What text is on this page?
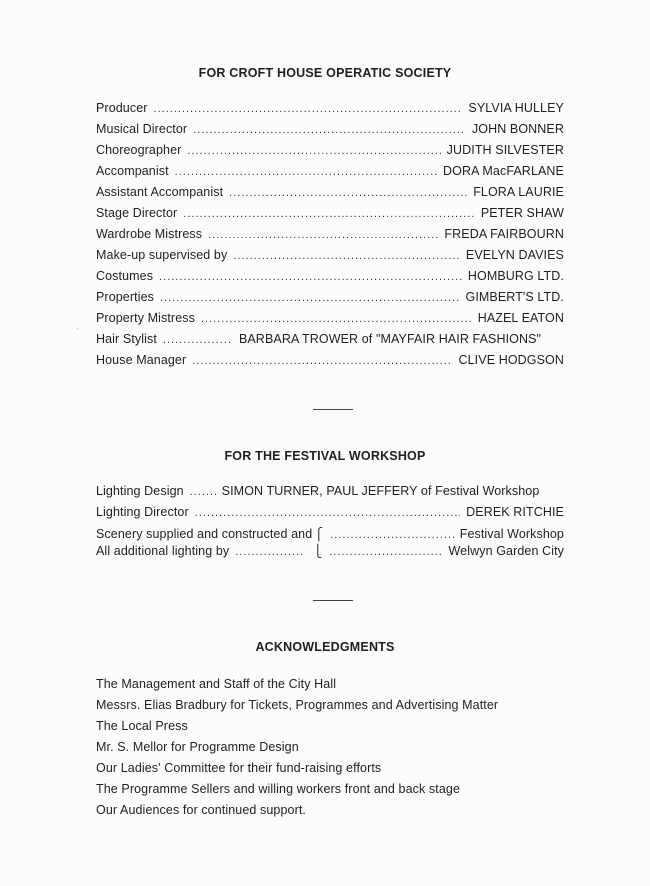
FOR CROFT HOUSE OPERATIC SOCIETY
Producer .....	SYLVIA HULLEY
Musical Director .....	JOHN BONNER
Choreographer .....	JUDITH SILVESTER
Accompanist .....	DORA MacFARLANE
Assistant Accompanist .....	FLORA LAURIE
Stage Director .....	PETER SHAW
Wardrobe Mistress .....	FREDA FAIRBOURN
Make-up supervised by .....	EVELYN DAVIES
Costumes .....	HOMBURG LTD.
Properties .....	GIMBERT'S LTD.
Property Mistress .....	HAZEL EATON
Hair Stylist .....	BARBARA TROWER of "MAYFAIR HAIR FASHIONS"
House Manager .....	CLIVE HODGSON
·
FOR THE FESTIVAL WORKSHOP
Lighting Design .....	SIMON TURNER, PAUL JEFFERY of Festival Workshop
Lighting Director .....	DEREK RITCHIE
Scenery supplied and constructed and ⎧ .....	Festival Workshop
All additional lighting by .....	⎩ .....	Welwyn Garden City
ACKNOWLEDGMENTS
The Management and Staff of the City Hall
Messrs. Elias Bradbury for Tickets, Programmes and Advertising Matter
The Local Press
Mr. S. Mellor for Programme Design
Our Ladies' Committee for their fund-raising efforts
The Programme Sellers and willing workers front and back stage
Our Audiences for continued support.
